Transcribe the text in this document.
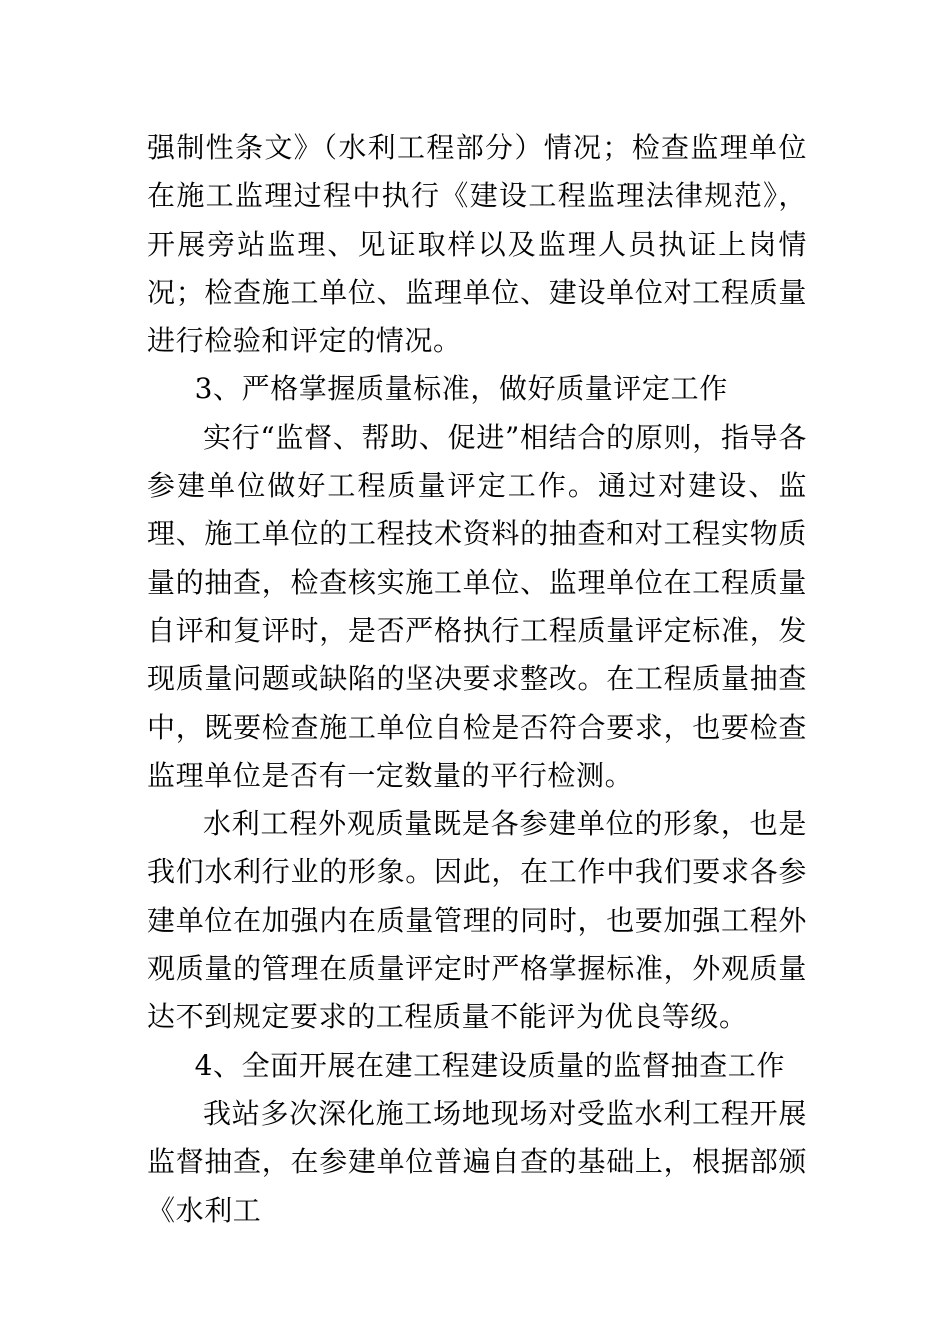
强制性条文》（水利工程部分）情况；检查监理单位在施工监理过程中执行《建设工程监理法律规范》，开展旁站监理、见证取样以及监理人员执证上岗情况；检查施工单位、监理单位、建设单位对工程质量进行检验和评定的情况。

3、严格掌握质量标准，做好质量评定工作

实行“监督、帮助、促进”相结合的原则，指导各参建单位做好工程质量评定工作。通过对建设、监理、施工单位的工程技术资料的抽查和对工程实物质量的抽查，检查核实施工单位、监理单位在工程质量自评和复评时，是否严格执行工程质量评定标准，发现质量问题或缺陷的坚决要求整改。在工程质量抽查中，既要检查施工单位自检是否符合要求，也要检查监理单位是否有一定数量的平行检测。

水利工程外观质量既是各参建单位的形象，也是我们水利行业的形象。因此，在工作中我们要求各参建单位在加强内在质量管理的同时，也要加强工程外观质量的管理在质量评定时严格掌握标准，外观质量达不到规定要求的工程质量不能评为优良等级。

4、全面开展在建工程建设质量的监督抽查工作

我站多次深化施工场地现场对受监水利工程开展监督抽查，在参建单位普遍自查的基础上，根据部颁《水利工
